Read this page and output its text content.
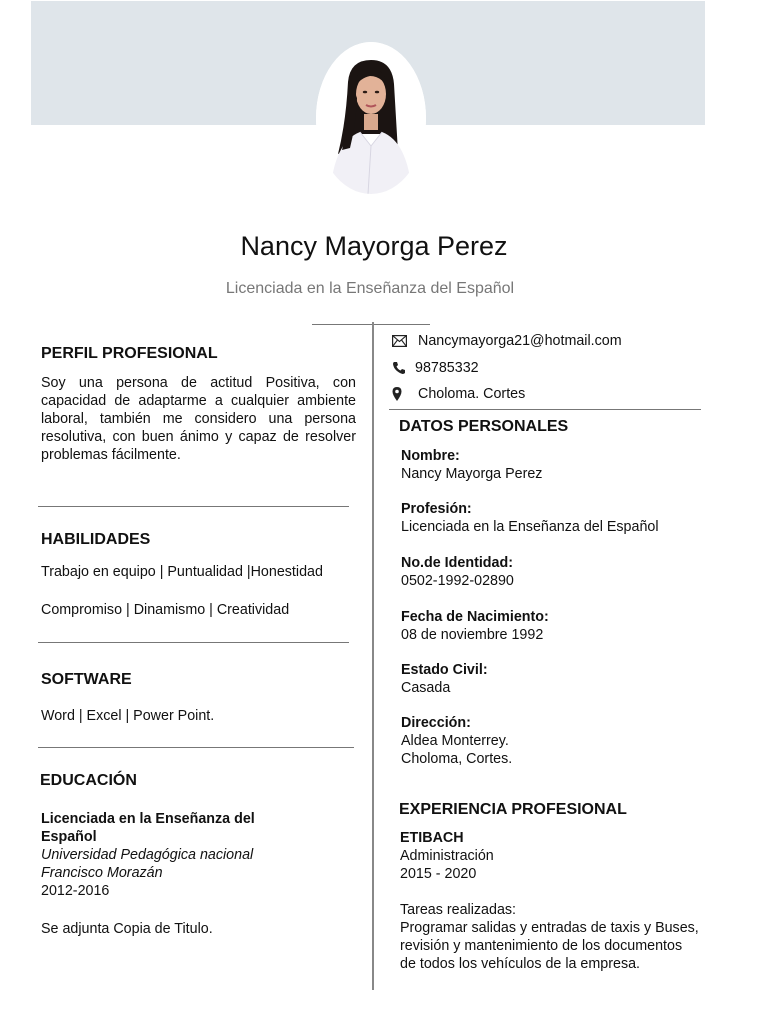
Nancy Mayorga Perez
Licenciada en la Enseñanza del Español
PERFIL PROFESIONAL
Soy una persona de actitud Positiva, con capacidad de adaptarme a cualquier ambiente laboral, también me considero una persona resolutiva, con buen ánimo y capaz de resolver problemas fácilmente.
HABILIDADES
Trabajo en equipo | Puntualidad |Honestidad
Compromiso | Dinamismo | Creatividad
SOFTWARE
Word | Excel | Power Point.
EDUCACIÓN
Licenciada en la Enseñanza del
Español
Universidad Pedagógica nacional
Francisco Morazán
2012-2016
Se adjunta Copia de Titulo.
Nancymayorga21@hotmail.com
98785332
Choloma. Cortes
DATOS PERSONALES
Nombre:
Nancy Mayorga Perez
Profesión:
Licenciada en la Enseñanza del Español
No.de Identidad:
0502-1992-02890
Fecha de Nacimiento:
08 de noviembre 1992
Estado Civil:
Casada
Dirección:
Aldea Monterrey.
Choloma, Cortes.
EXPERIENCIA PROFESIONAL
ETIBACH
Administración
2015 - 2020
Tareas realizadas:
Programar salidas y entradas de taxis y Buses,
revisión y mantenimiento de los documentos
de todos los vehículos de la empresa.
